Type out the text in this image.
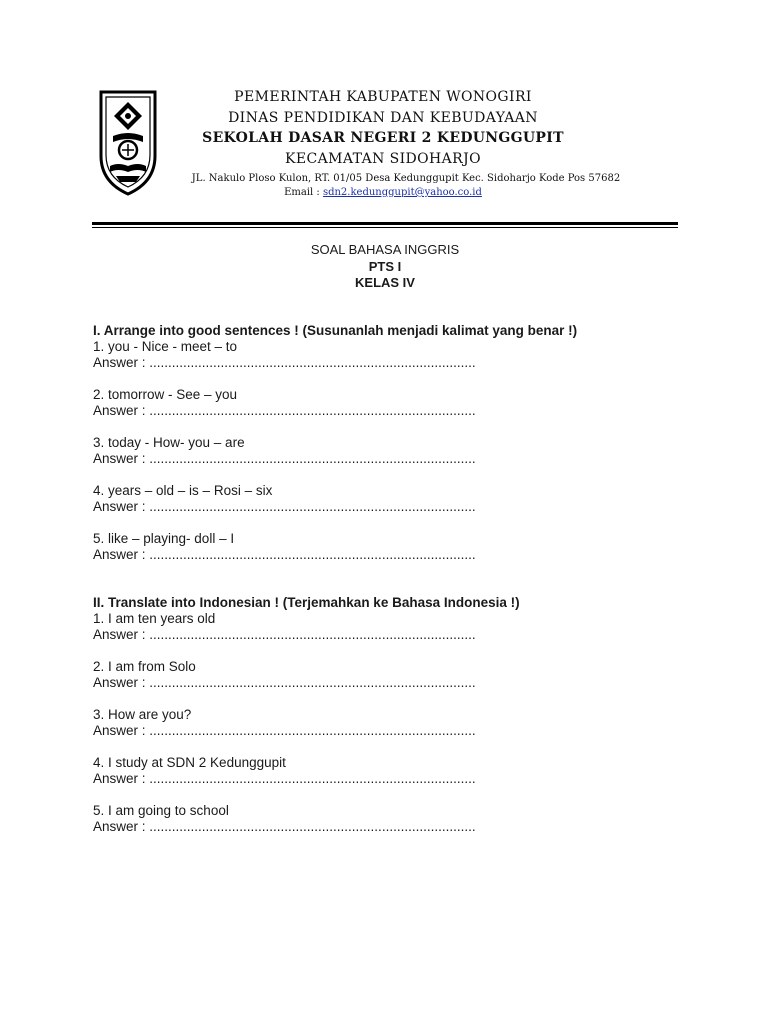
PEMERINTAH KABUPATEN WONOGIRI
DINAS PENDIDIKAN DAN KEBUDAYAAN
SEKOLAH DASAR NEGERI 2 KEDUNGGUPIT
KECAMATAN SIDOHARJO
JL. Nakulo Ploso Kulon, RT. 01/05 Desa Kedunggupit Kec. Sidoharjo Kode Pos 57682
Email : sdn2.kedunggupit@yahoo.co.id
SOAL BAHASA INGGRIS
PTS I
KELAS IV
I. Arrange into good sentences ! (Susunanlah menjadi kalimat yang benar !)
1. you - Nice - meet – to
Answer : .......................................................................................
2. tomorrow - See – you
Answer : .......................................................................................
3. today - How- you – are
Answer : .......................................................................................
4. years – old – is – Rosi – six
Answer : .......................................................................................
5. like – playing- doll – I
Answer : .......................................................................................
II. Translate into Indonesian ! (Terjemahkan ke Bahasa Indonesia !)
1. I am ten years old
Answer : .......................................................................................
2. I am from Solo
Answer : .......................................................................................
3. How are you?
Answer : .......................................................................................
4. I study at SDN 2 Kedunggupit
Answer : .......................................................................................
5. I am going to school
Answer : .......................................................................................
